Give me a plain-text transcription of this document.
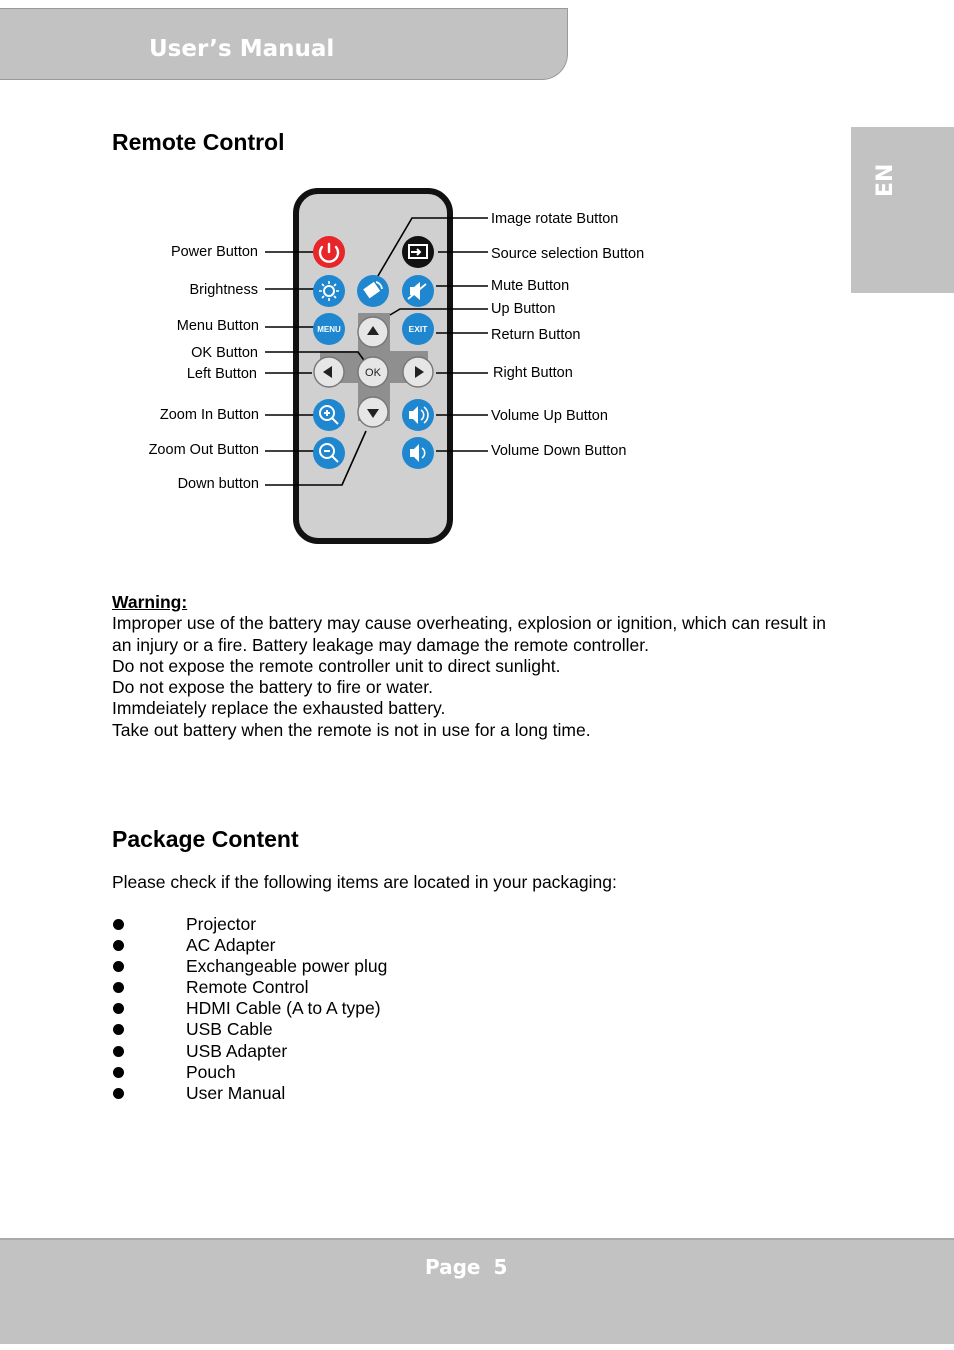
User’s Manual
EN
Remote Control
MENU	EXIT
OK
Power Button
Brightness
Menu Button
OK Button
Left Button
Zoom In Button
Zoom Out Button
Down button
Image rotate Button
Source selection Button
Mute Button
Up Button
Return Button
Right Button
Volume Up Button
Volume Down Button
Warning:
Improper use of the battery may cause overheating, explosion or ignition, which can result in an injury or a fire. Battery leakage may damage the remote controller.
Do not expose the remote controller unit to direct sunlight.
Do not expose the battery to fire or water.
Immdeiately replace the exhausted battery.
Take out battery when the remote is not in use for a long time.
Package Content
Please check if the following items are located in your packaging:
Projector
AC Adapter
Exchangeable power plug
Remote Control
HDMI Cable (A to A type)
USB Cable
USB Adapter
Pouch
User Manual
Page 5
